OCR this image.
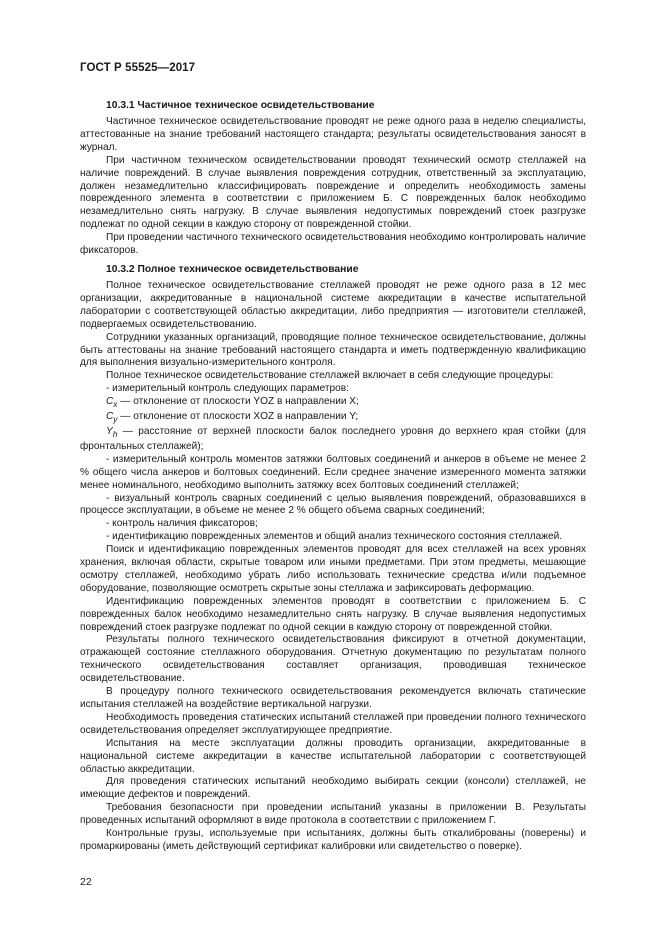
ГОСТ Р 55525—2017
10.3.1 Частичное техническое освидетельствование

Частичное техническое освидетельствование проводят не реже одного раза в неделю специалисты, аттестованные на знание требований настоящего стандарта; результаты освидетельствования заносят в журнал.

При частичном техническом освидетельствовании проводят технический осмотр стеллажей на наличие повреждений. В случае выявления повреждения сотрудник, ответственный за эксплуатацию, должен незамедлительно классифицировать повреждение и определить необходимость замены поврежденного элемента в соответствии с приложением Б. С поврежденных балок необходимо незамедлительно снять нагрузку. В случае выявления недопустимых повреждений стоек разгрузке подлежат по одной секции в каждую сторону от поврежденной стойки.

При проведении частичного технического освидетельствования необходимо контролировать наличие фиксаторов.

10.3.2 Полное техническое освидетельствование

Полное техническое освидетельствование стеллажей проводят не реже одного раза в 12 мес организации, аккредитованные в национальной системе аккредитации в качестве испытательной лаборатории с соответствующей областью аккредитации, либо предприятия — изготовители стеллажей, подвергаемых освидетельствованию.

Сотрудники указанных организаций, проводящие полное техническое освидетельствование, должны быть аттестованы на знание требований настоящего стандарта и иметь подтвержденную квалификацию для выполнения визуально-измерительного контроля.

Полное техническое освидетельствование стеллажей включает в себя следующие процедуры:

- измерительный контроль следующих параметров:

$C_x$ — отклонение от плоскости YOZ в направлении X;

$C_y$ — отклонение от плоскости XOZ в направлении Y;

$Y_h$ — расстояние от верхней плоскости балок последнего уровня до верхнего края стойки (для фронтальных стеллажей);

- измерительный контроль моментов затяжки болтовых соединений и анкеров в объеме не менее 2 % общего числа анкеров и болтовых соединений. Если среднее значение измеренного момента затяжки менее номинального, необходимо выполнить затяжку всех болтовых соединений стеллажей;

- визуальный контроль сварных соединений с целью выявления повреждений, образовавшихся в процессе эксплуатации, в объеме не менее 2 % общего объема сварных соединений;

- контроль наличия фиксаторов;

- идентификацию поврежденных элементов и общий анализ технического состояния стеллажей.

Поиск и идентификацию поврежденных элементов проводят для всех стеллажей на всех уровнях хранения, включая области, скрытые товаром или иными предметами. При этом предметы, мешающие осмотру стеллажей, необходимо убрать либо использовать технические средства и/или подъемное оборудование, позволяющие осмотреть скрытые зоны стеллажа и зафиксировать деформацию.

Идентификацию поврежденных элементов проводят в соответствии с приложением Б. С поврежденных балок необходимо незамедлительно снять нагрузку. В случае выявления недопустимых повреждений стоек разгрузке подлежат по одной секции в каждую сторону от поврежденной стойки.

Результаты полного технического освидетельствования фиксируют в отчетной документации, отражающей состояние стеллажного оборудования. Отчетную документацию по результатам полного технического освидетельствования составляет организация, проводившая техническое освидетельствование.

В процедуру полного технического освидетельствования рекомендуется включать статические испытания стеллажей на воздействие вертикальной нагрузки.

Необходимость проведения статических испытаний стеллажей при проведении полного технического освидетельствования определяет эксплуатирующее предприятие.

Испытания на месте эксплуатации должны проводить организации, аккредитованные в национальной системе аккредитации в качестве испытательной лаборатории с соответствующей областью аккредитации.

Для проведения статических испытаний необходимо выбирать секции (консоли) стеллажей, не имеющие дефектов и повреждений.

Требования безопасности при проведении испытаний указаны в приложении В. Результаты проведенных испытаний оформляют в виде протокола в соответствии с приложением Г.

Контрольные грузы, используемые при испытаниях, должны быть откалиброваны (поверены) и промаркированы (иметь действующий сертификат калибровки или свидетельство о поверке).

22
